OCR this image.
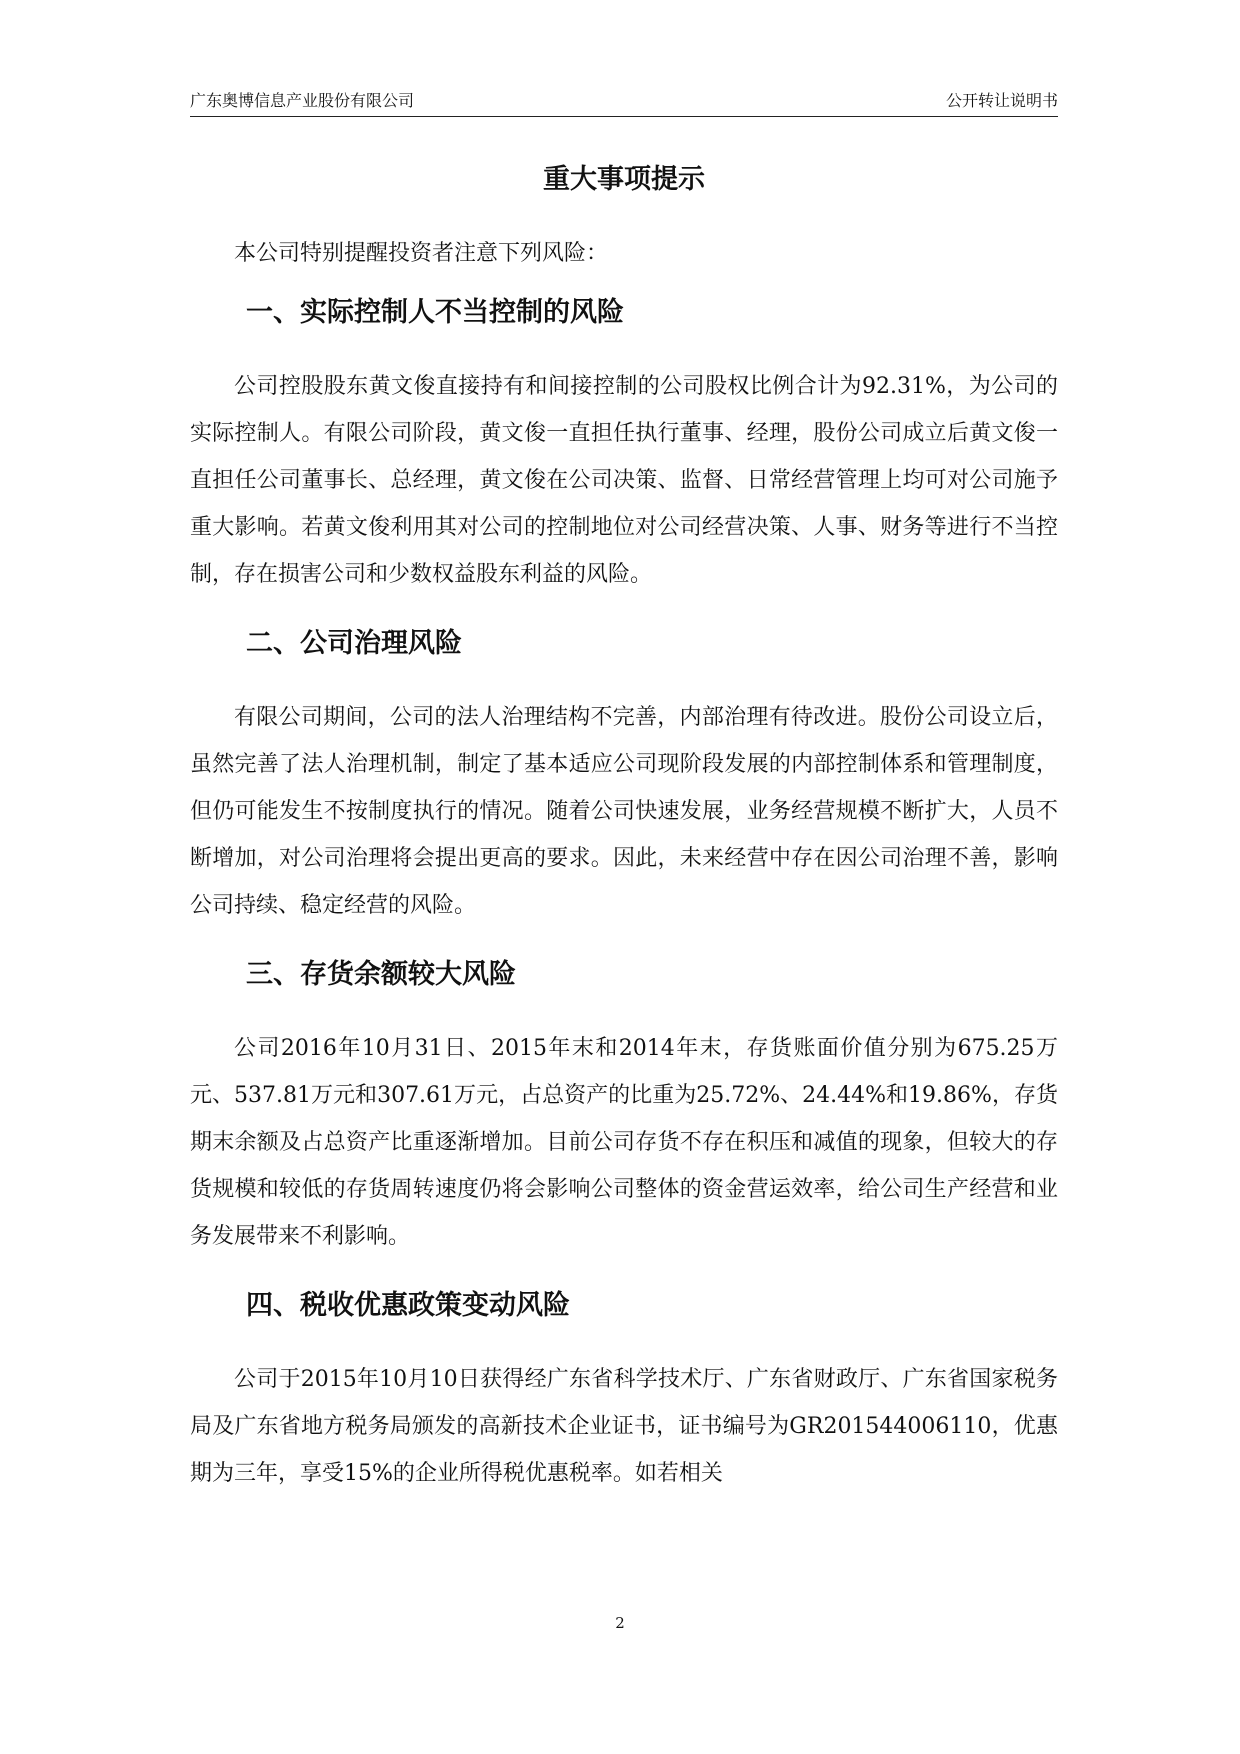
广东奥博信息产业股份有限公司	公开转让说明书
重大事项提示

本公司特别提醒投资者注意下列风险：

一、实际控制人不当控制的风险

公司控股股东黄文俊直接持有和间接控制的公司股权比例合计为92.31%，为公司的实际控制人。有限公司阶段，黄文俊一直担任执行董事、经理，股份公司成立后黄文俊一直担任公司董事长、总经理，黄文俊在公司决策、监督、日常经营管理上均可对公司施予重大影响。若黄文俊利用其对公司的控制地位对公司经营决策、人事、财务等进行不当控制，存在损害公司和少数权益股东利益的风险。

二、公司治理风险

有限公司期间，公司的法人治理结构不完善，内部治理有待改进。股份公司设立后，虽然完善了法人治理机制，制定了基本适应公司现阶段发展的内部控制体系和管理制度，但仍可能发生不按制度执行的情况。随着公司快速发展，业务经营规模不断扩大，人员不断增加，对公司治理将会提出更高的要求。因此，未来经营中存在因公司治理不善，影响公司持续、稳定经营的风险。

三、存货余额较大风险

公司2016年10月31日、2015年末和2014年末，存货账面价值分别为675.25万元、537.81万元和307.61万元，占总资产的比重为25.72%、24.44%和19.86%，存货期末余额及占总资产比重逐渐增加。目前公司存货不存在积压和减值的现象，但较大的存货规模和较低的存货周转速度仍将会影响公司整体的资金营运效率，给公司生产经营和业务发展带来不利影响。

四、税收优惠政策变动风险

公司于2015年10月10日获得经广东省科学技术厅、广东省财政厅、广东省国家税务局及广东省地方税务局颁发的高新技术企业证书，证书编号为GR201544006110，优惠期为三年，享受15%的企业所得税优惠税率。如若相关

2
